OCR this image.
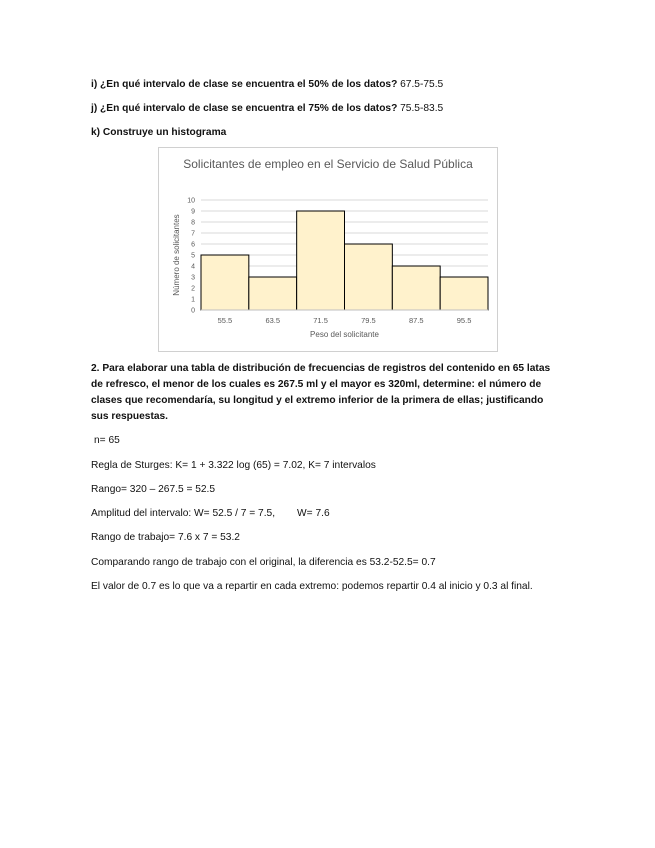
i) ¿En qué intervalo de clase se encuentra el 50% de los datos? 67.5-75.5
j) ¿En qué intervalo de clase se encuentra el 75% de los datos? 75.5-83.5
k) Construye un histograma
Solicitantes de empleo en el Servicio de Salud Pública
0
1
2
3
4
5
6
7
8
9
10
55.5	63.5	71.5	79.5	87.5	95.5
Peso del solicitante
Número de solicitantes
2. Para elaborar una tabla de distribución de frecuencias de registros del contenido en 65 latas de refresco, el menor de los cuales es 267.5 ml y el mayor es 320ml, determine: el número de clases que recomendaría, su longitud y el extremo inferior de la primera de ellas; justificando sus respuestas.
n= 65
Regla de Sturges: K= 1 + 3.322 log (65) = 7.02, K= 7 intervalos
Rango= 320 – 267.5 = 52.5
Amplitud del intervalo: W= 52.5 / 7 = 7.5, W= 7.6
Rango de trabajo= 7.6 x 7 = 53.2
Comparando rango de trabajo con el original, la diferencia es 53.2-52.5= 0.7
El valor de 0.7 es lo que va a repartir en cada extremo: podemos repartir 0.4 al inicio y 0.3 al final.
